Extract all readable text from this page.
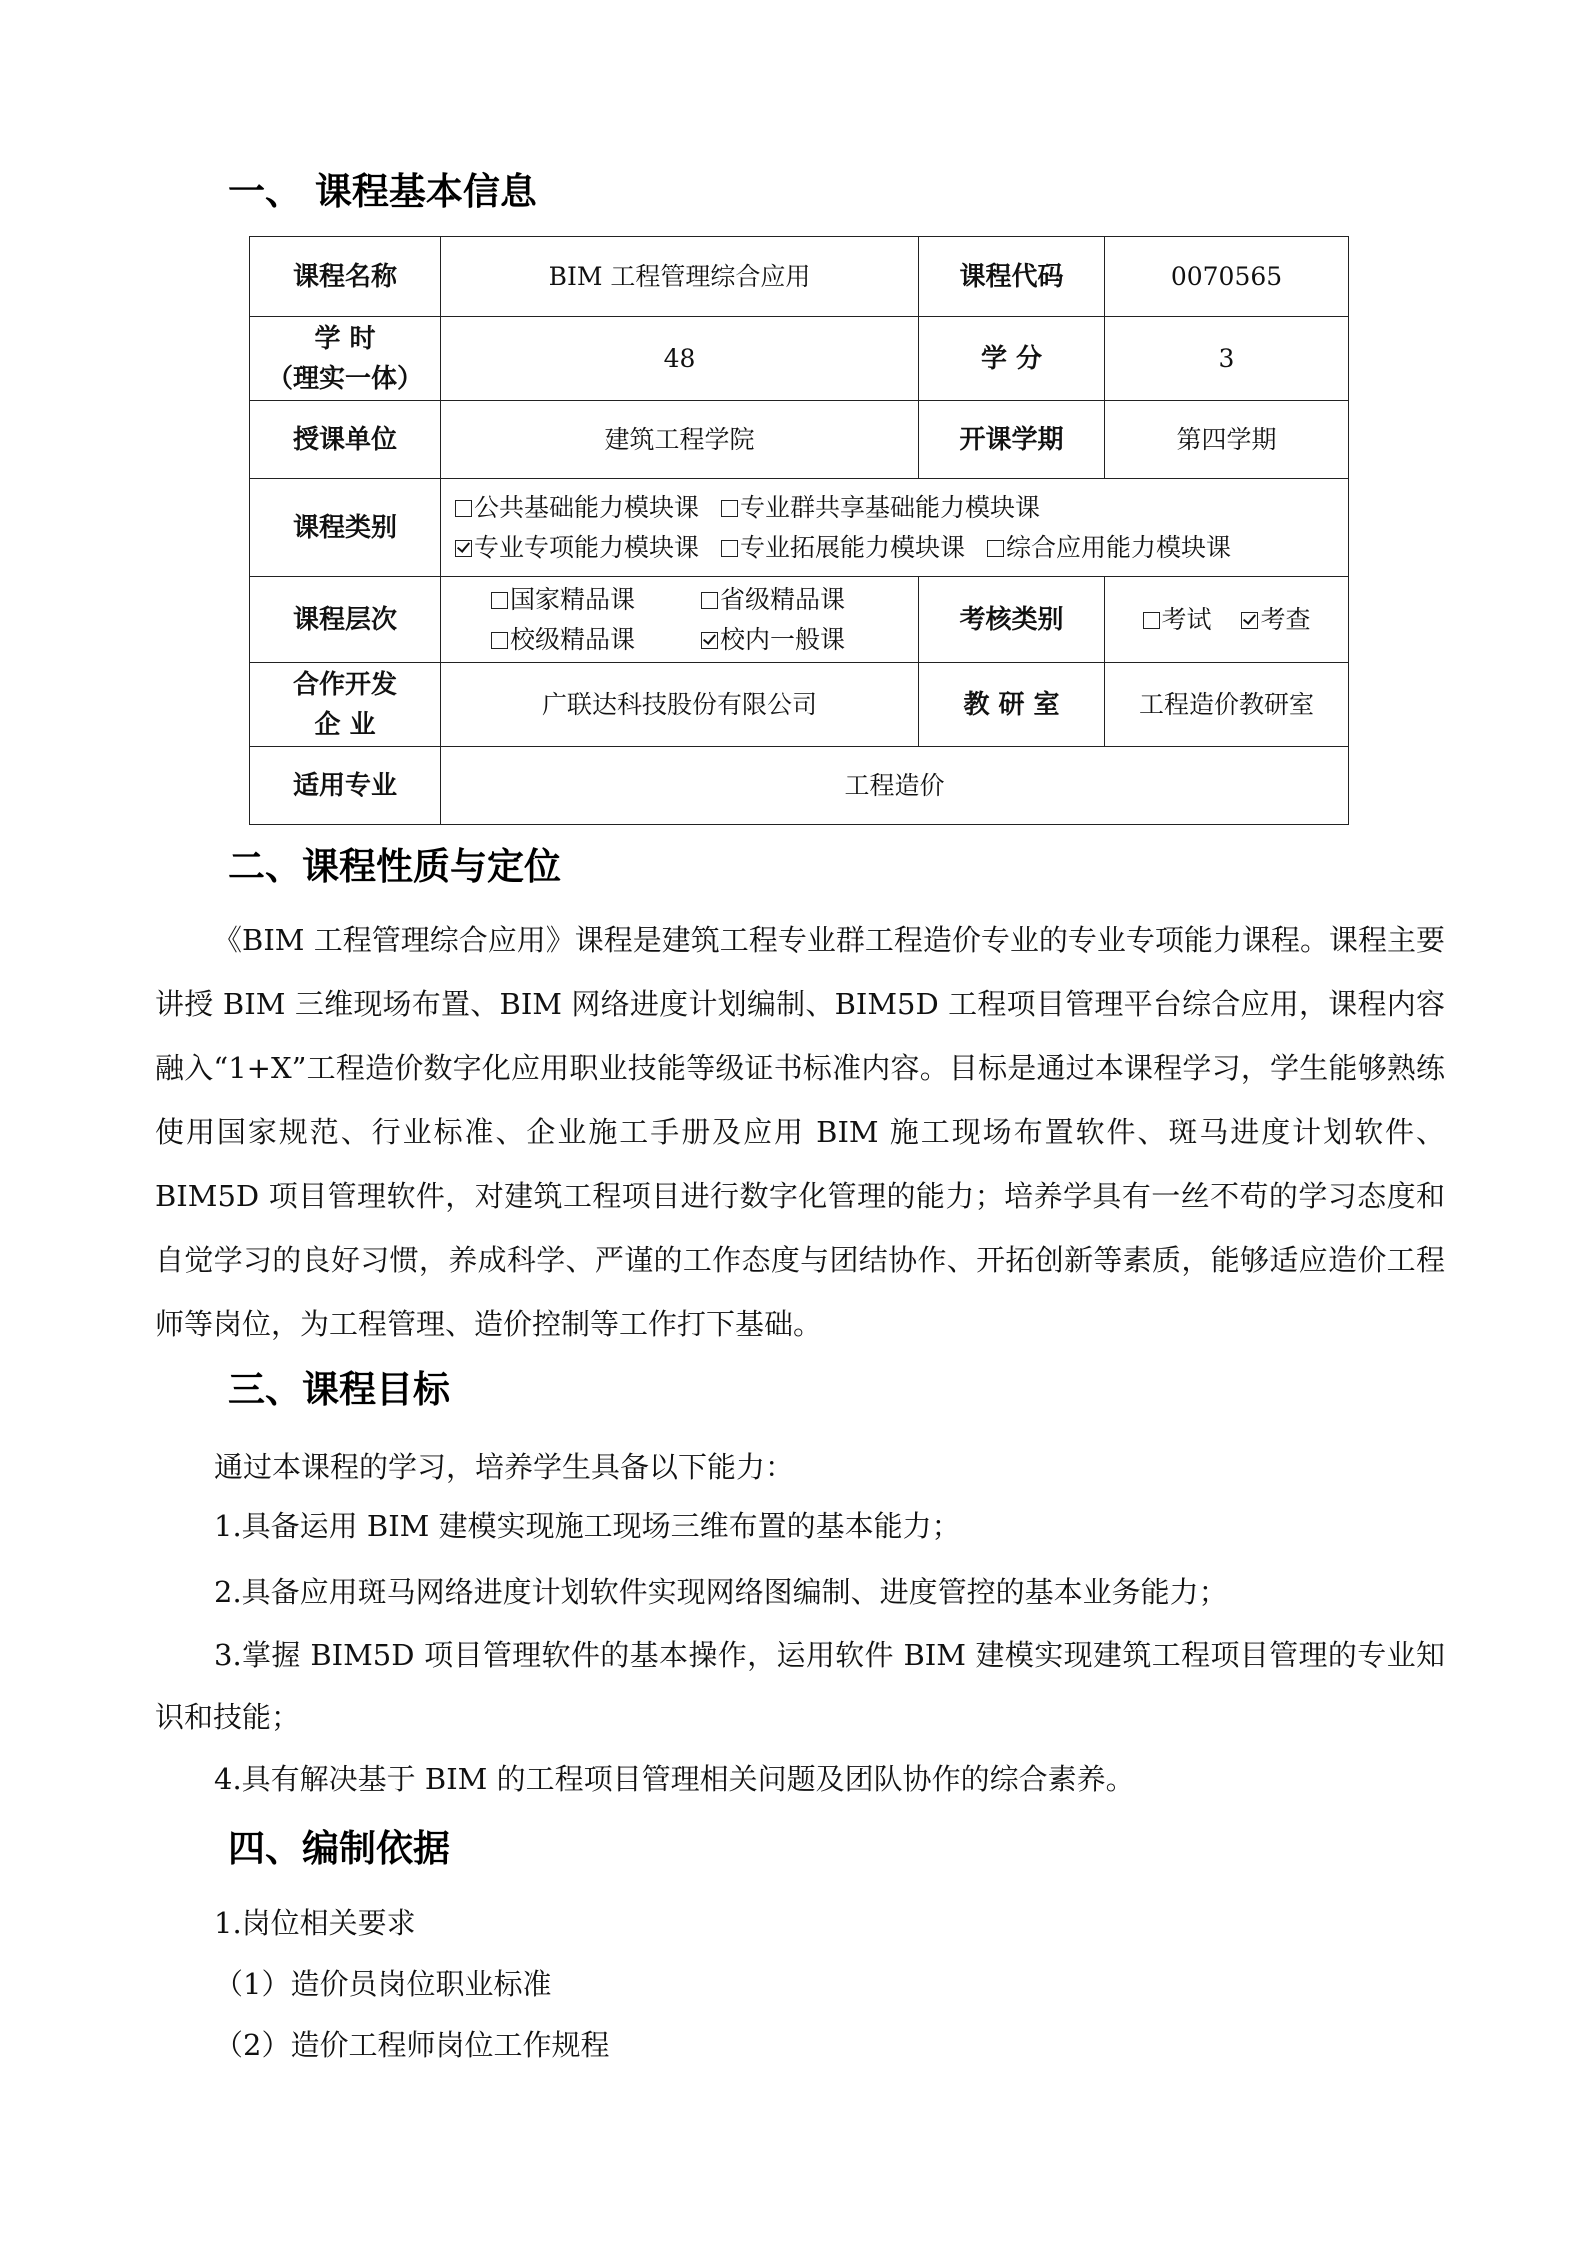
一、 课程基本信息
课程名称	BIM 工程管理综合应用	课程代码	0070565

学 时
（理实一体）	48	学 分	3
授课单位	建筑工程学院	开课学期	第四学期
课程类别	公共基础能力模块课 专业群共享基础能力模块课
专业专项能力模块课 专业拓展能力模块课 综合应用能力模块课		

课程层次	国家精品课 省级精品课
校级精品课 校内一般课	考核类别	考试 考查

合作开发
企 业	广联达科技股份有限公司	教 研 室	工程造价教研室
适用专业	工程造价		
二、课程性质与定位

《BIM 工程管理综合应用》课程是建筑工程专业群工程造价专业的专业专项能力课程。课程主要讲授 BIM 三维现场布置、BIM 网络进度计划编制、BIM5D 工程项目管理平台综合应用，课程内容融入“1+X”工程造价数字化应用职业技能等级证书标准内容。目标是通过本课程学习，学生能够熟练使用国家规范、行业标准、企业施工手册及应用 BIM 施工现场布置软件、斑马进度计划软件、BIM5D 项目管理软件，对建筑工程项目进行数字化管理的能力；培养学具有一丝不苟的学习态度和自觉学习的良好习惯，养成科学、严谨的工作态度与团结协作、开拓创新等素质，能够适应造价工程师等岗位，为工程管理、造价控制等工作打下基础。

三、课程目标

通过本课程的学习，培养学生具备以下能力：

1.具备运用 BIM 建模实现施工现场三维布置的基本能力；

2.具备应用斑马网络进度计划软件实现网络图编制、进度管控的基本业务能力；

3.掌握 BIM5D 项目管理软件的基本操作，运用软件 BIM 建模实现建筑工程项目管理的专业知识和技能；

4.具有解决基于 BIM 的工程项目管理相关问题及团队协作的综合素养。

四、编制依据

1.岗位相关要求

（1）造价员岗位职业标准

（2）造价工程师岗位工作规程
